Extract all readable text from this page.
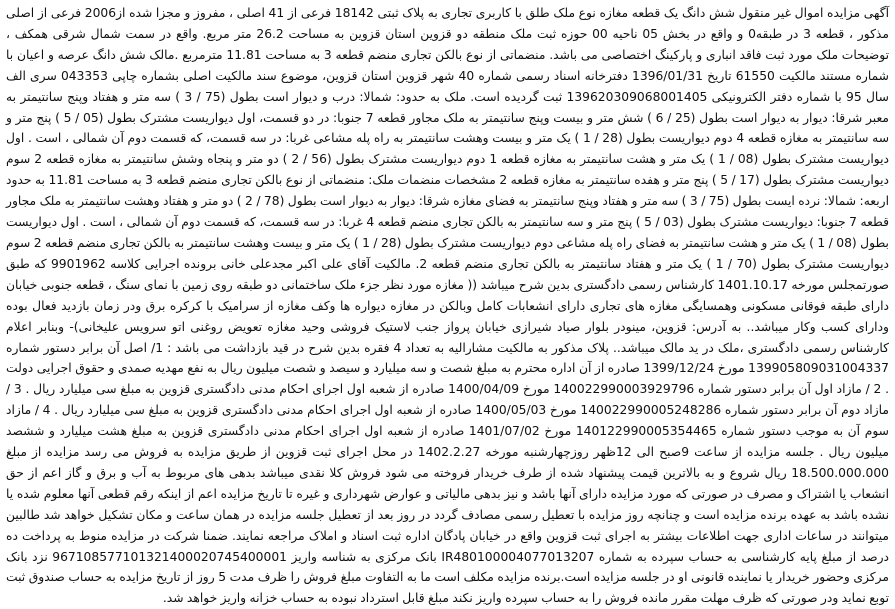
آگهی مزایده اموال غیر منقول شش دانگ یک قطعه مغازه نوع ملک طلق با کاربری تجاری به پلاک ثبتی 18142 فرعی از 41 اصلی ، مفروز و مجزا شده از2006 فرعی از اصلی مذکور ، قطعه 3 در طبقه0 و واقع در بخش 05 ناحیه 00 حوزه ثبت ملک منطقه دو قزوین استان قزوین به مساحت 26.2 متر مربع. واقع در سمت شمال شرقی همکف ، توضیحات ملک مورد ثبت فاقد انباری و پارکینگ اختصاصی می باشد. منضماتی از نوع بالکن تجاری منضم قطعه 3 به مساحت 11.81 مترمربع .مالک شش دانگ عرصه و اعیان با شماره مستند مالکیت 61550 تاریخ 1396/01/31 دفترخانه اسناد رسمی شماره 40 شهر قزوین استان قزوین، موضوع سند مالکیت اصلی بشماره چاپی 043353 سری الف سال 95 با شماره دفتر الکترونیکی 139620309068001405 ثبت گردیده است. ملک به حدود: شمالا: درب و دیوار است بطول (75 / 3 ) سه متر و هفتاد وپنج سانتیمتر به معبر شرقا: دیوار به دیوار است بطول (25 / 6 ) شش متر و بیست وپنج سانتیمتر به ملک مجاور قطعه 7 جنوبا: در دو قسمت، اول دیواریست مشترک بطول (05 / 5 ) پنج متر و سه سانتیمتر به مغازه قطعه 4 دوم دیواریست بطول (28 / 1 ) یک متر و بیست وهشت سانتیمتر به راه پله مشاعی غربا: در سه قسمت، که قسمت دوم آن شمالی ، است . اول دیواریست مشترک بطول (08 / 1 ) یک متر و هشت سانتیمتر به مغازه قطعه 1 دوم دیواریست مشترک بطول (56 / 2 ) دو متر و پنجاه وشش سانتیمتر به مغازه قطعه 2 سوم دیواریست مشترک بطول (17 / 5 ) پنج متر و هفده سانتیمتر به مغازه قطعه 2 مشخصات منضمات ملک: منضماتی از نوع بالکن تجاری منضم قطعه 3 به مساحت 11.81 به حدود اربعه: شمالا: نرده ایست بطول (75 / 3 ) سه متر و هفتاد وپنج سانتیمتر به فضای مغازه شرقا: دیوار به دیوار است بطول (78 / 2 ) دو متر و هفتاد وهشت سانتیمتر به ملک مجاور قطعه 7 جنوبا: دیواریست مشترک بطول (03 / 5 ) پنج متر و سه سانتیمتر به بالکن تجاری منضم قطعه 4 غربا: در سه قسمت، که قسمت دوم آن شمالی ، است . اول دیواریست بطول (08 / 1 ) یک متر و هشت سانتیمتر به فضای راه پله مشاعی دوم دیواریست مشترک بطول (28 / 1 ) یک متر و بیست وهشت سانتیمتر به بالکن تجاری منضم قطعه 2 سوم دیواریست مشترک بطول (70 / 1 ) یک متر و هفتاد سانتیمتر به بالکن تجاری منضم قطعه 2. مالکیت آقای علی اکبر مجدعلی خانی برونده اجرایی کلاسه 9901962 که طبق صورتمجلس مورخه 1401.10.17 کارشناس رسمی دادگستری بدین شرح میباشد (( مغازه مورد نظر جزء ملک ساختمانی دو طبقه روی زمین با نمای سنگ ، قطعه جنوبی خیابان دارای طبقه فوقانی مسکونی وهمسایگی مغازه های تجاری دارای انشعابات کامل وبالکن در مغازه دیواره ها وکف مغازه از سرامیک با کرکره برق ودر زمان بازدید فعال بوده ودارای کسب وکار میباشد.. به آدرس: قزوین، مینودر بلوار صیاد شیرازی خیابان پرواز جنب لاستیک فروشی وحید مغازه تعویض روغنی اتو سرویس علیخانی)- وبنابر اعلام کارشناس رسمی دادگستری ،ملک در ید مالک میباشد.. پلاک مذکور به مالکیت مشارالیه به تعداد 4 فقره بدین شرح در قید بازداشت می باشد : 1/ اصل آن برابر دستور شماره 139905809031004337 مورخ 1399/12/24 صادره از آن اداره محترم به مبلغ شصت و سه میلیارد و سیصد و شصت میلیون ریال به نفع مهدیه صمدی و حقوق اجرایی دولت . 2 / مازاد اول آن برابر دستور شماره 140022990003929796 مورخ 1400/04/09 صادره از شعبه اول اجرای احکام مدنی دادگستری قزوین به مبلغ سی میلیارد ریال . 3 / مازاد دوم آن برابر دستور شماره 140022990005248286 مورخ 1400/05/03 صادره از شعبه اول اجرای احکام مدنی دادگستری قزوین به مبلغ سی میلیارد ریال . 4 / مازاد سوم آن به موجب دستور شماره 140122990005354465 مورخ 1401/07/02 صادره از شعبه اول اجرای احکام مدنی دادگستری قزوین به مبلغ هشت میلیارد و ششصد میلیون ریال . جلسه مزایده از ساعت 9صبح الی 12ظهر روزچهارشنبه مورخه 1402.2.27 در محل اجرای ثبت قزوین از طریق مزایده به فروش می رسد مزایده از مبلغ 18.500.000.000 ریال شروع و به بالاترین قیمت پیشنهاد شده از طرف خریدار فروخته می شود فروش کلا نقدی میباشد بدهی های مربوط به آب و برق و گاز اعم از حق انشعاب یا اشتراک و مصرف در صورتی که مورد مزایده دارای آنها باشد و نیز بدهی مالیاتی و عوارض شهرداری و غیره تا تاریخ مزایده اعم از اینکه رقم قطعی آنها معلوم شده یا نشده باشد به عهده برنده مزایده است و چنانچه روز مزایده با تعطیل رسمی مصادف گردد در روز بعد از تعطیل جلسه مزایده در همان ساعت و مکان تشکیل خواهد شد طالبین میتوانند در ساعات اداری جهت اطلاعات بیشتر به اجرای ثبت قزوین واقع در خیابان پادگان اداره ثبت اسناد و املاک مراجعه نمایند. ضمنا شرکت در مزایده منوط به پرداخت ده درصد از مبلغ پایه کارشناسی به حساب سپرده به شماره IR480100004077013207 بانک مرکزی به شناسه واریز 967108577101321400020745400001 نزد بانک مرکزی وحضور خریدار یا نماینده قانونی او در جلسه مزایده است.برنده مزایده مکلف است ما به التفاوت مبلغ فروش را ظرف مدت 5 روز از تاریخ مزایده به حساب صندوق ثبت توبع نماید ودر صورتی که ظرف مهلت مقرر مانده فروش را به حساب سپرده واریز نکند مبلغ قابل استرداد نبوده به حساب خزانه واریز خواهد شد.
